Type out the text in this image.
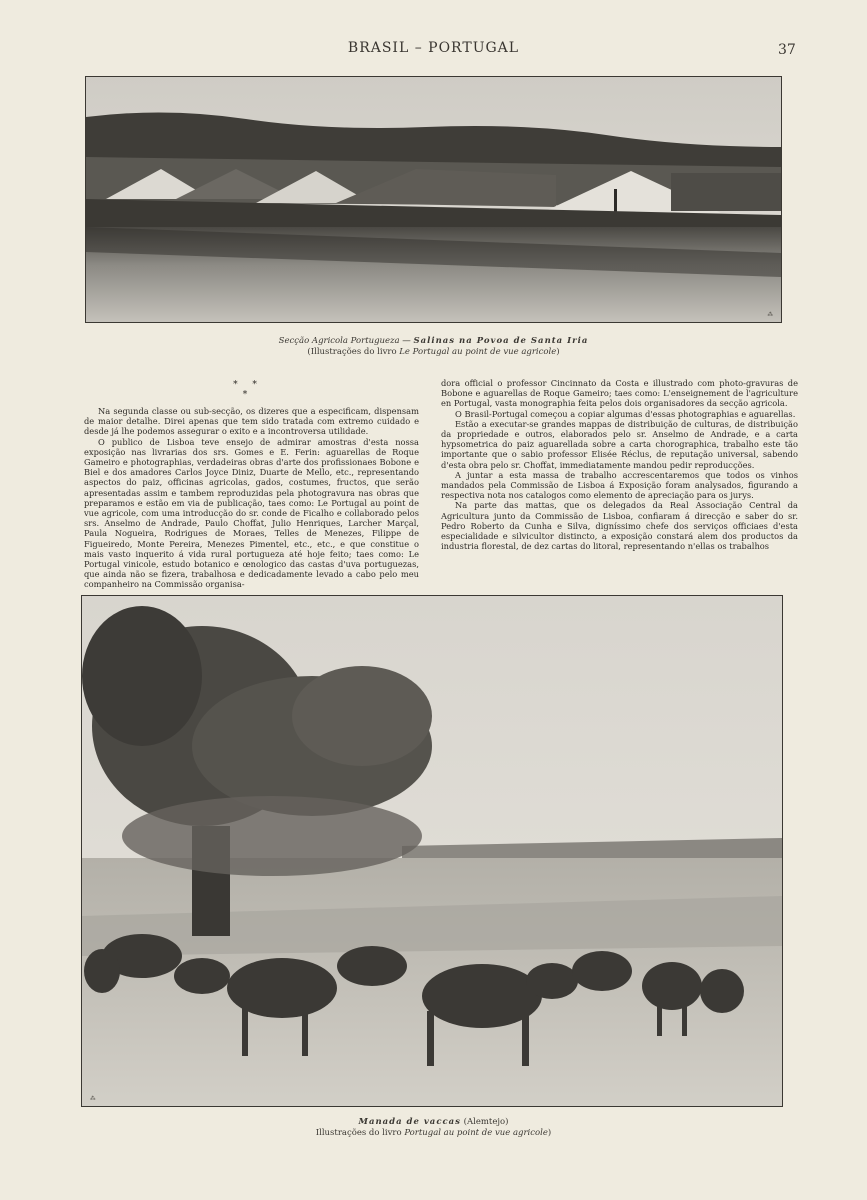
BRASIL – PORTUGAL	37
⁂
Secção Agricola Portugueza — Salinas na Povoa de Santa Iria
(Illustrações do livro Le Portugal au point de vue agricole)
* * *

Na segunda classe ou sub-secção, os dizeres que a especificam, dispensam de maior detalhe. Direi apenas que tem sido tratada com extremo cuidado e desde já lhe podemos assegurar o exito e a incontroversa utilidade.

O publico de Lisboa teve ensejo de admirar amostras d'esta nossa exposição nas livrarias dos srs. Gomes e E. Ferin: aguarellas de Roque Gameiro e photographias, verdadeiras obras d'arte dos profissionaes Bobone e Biel e dos amadores Carlos Joyce Diniz, Duarte de Mello, etc., representando aspectos do paiz, officinas agricolas, gados, costumes, fructos, que serão apresentadas assim e tambem reproduzidas pela photogravura nas obras que preparamos e estão em via de publicação, taes como: Le Portugal au point de vue agricole, com uma introducção do sr. conde de Ficalho e collaborado pelos srs. Anselmo de Andrade, Paulo Choffat, Julio Henriques, Larcher Marçal, Paula Nogueira, Rodrigues de Moraes, Telles de Menezes, Filippe de Figueiredo, Monte Pereira, Menezes Pimentel, etc., etc., e que constitue o mais vasto inquerito á vida rural portugueza até hoje feito; taes como: Le Portugal vinicole, estudo botanico e œnologico das castas d'uva portuguezas, que ainda não se fizera, trabalhosa e dedicadamente levado a cabo pelo meu companheiro na Commissão organisa-

dora official o professor Cincinnato da Costa e illustrado com photo-gravuras de Bobone e aguarellas de Roque Gameiro; taes como: L'enseignement de l'agriculture en Portugal, vasta monographia feita pelos dois organisadores da secção agricola.

O Brasil-Portugal começou a copiar algumas d'essas photographias e aguarellas.

Estão a executar-se grandes mappas de distribuição de culturas, de distribuição da propriedade e outros, elaborados pelo sr. Anselmo de Andrade, e a carta hypsometrica do paiz aguarellada sobre a carta chorographica, trabalho este tão importante que o sabio professor Elisée Réclus, de reputação universal, sabendo d'esta obra pelo sr. Choffat, immediatamente mandou pedir reproducções.

A juntar a esta massa de trabalho accrescentaremos que todos os vinhos mandados pela Commissão de Lisboa á Exposição foram analysados, figurando a respectiva nota nos catalogos como elemento de apreciação para os jurys.

Na parte das mattas, que os delegados da Real Associação Central da Agricultura junto da Commissão de Lisboa, confiaram á direcção e saber do sr. Pedro Roberto da Cunha e Silva, digníssimo chefe dos serviços officiaes d'esta especialidade e silvicultor distincto, a exposição constará alem dos productos da industria florestal, de dez cartas do litoral, representando n'ellas os trabalhos

⁂
Manada de vaccas (Alemtejo)
Illustrações do livro Portugal au point de vue agricole)
